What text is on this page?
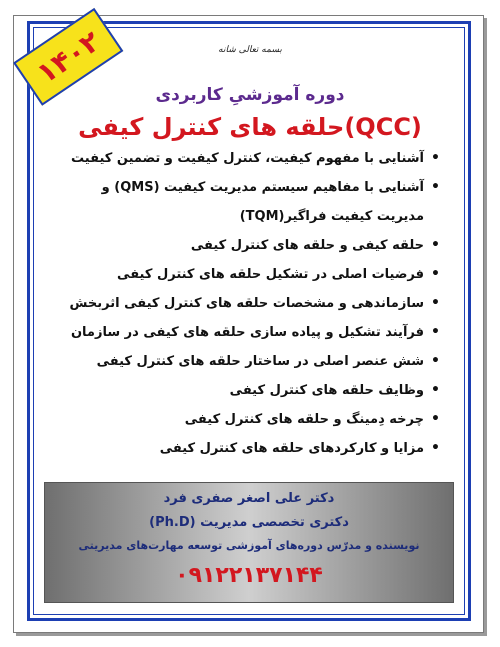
۱۴۰۲	بسمه تعالی شانه
دوره آموزشیِ کاربردی
حلقه های کنترل کیفی(QCC)
• آشنایی با مفهوم کیفیت، کنترل کیفیت و تضمین کیفیت
• آشنایی با مفاهیم سیستم مدیریت کیفیت (QMS) و
مدیریت کیفیت فراگیر(TQM)
• حلقه کیفی و حلقه های کنترل کیفی
• فرضیات اصلی در تشکیل حلقه های کنترل کیفی
• سازماندهی و مشخصات حلقه های کنترل کیفی اثربخش
• فرآیند تشکیل و پیاده سازی حلقه های کیفی در سازمان
• شش عنصر اصلی در ساختار حلقه های کنترل کیفی
• وظایف حلقه های کنترل کیفی
• چرخه دِمینگ و حلقه های کنترل کیفی
• مزایا و کارکردهای حلقه های کنترل کیفی
دکتر علی اصغر صفری فرد
دکتری تخصصی مدیریت (Ph.D)
نویسنده و مدرّس دوره‌های آموزشی توسعه مهارت‌های مدیریتی
۰۹۱۲۲۱۳۷۱۴۴
